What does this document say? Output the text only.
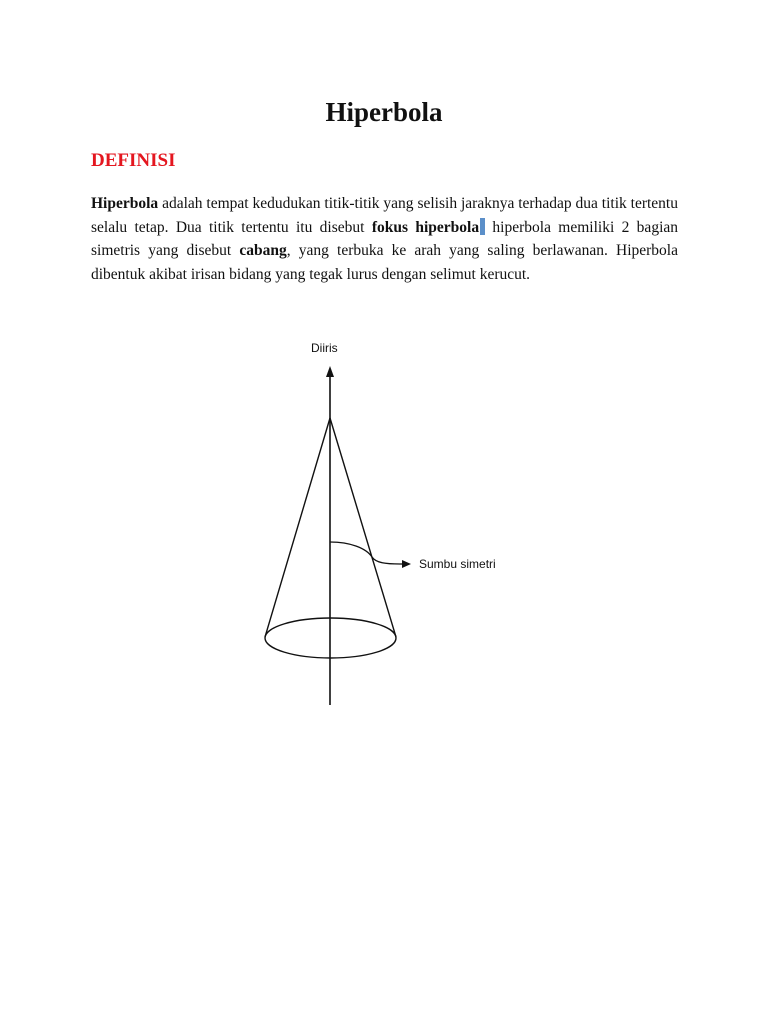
Hiperbola
DEFINISI

Hiperbola adalah tempat kedudukan titik-titik yang selisih jaraknya terhadap dua titik tertentu selalu tetap. Dua titik tertentu itu disebut fokus hiperbola hiperbola memiliki 2 bagian simetris yang disebut cabang, yang terbuka ke arah yang saling berlawanan. Hiperbola dibentuk akibat irisan bidang yang tegak lurus dengan selimut kerucut.

Diiris
Sumbu simetri
